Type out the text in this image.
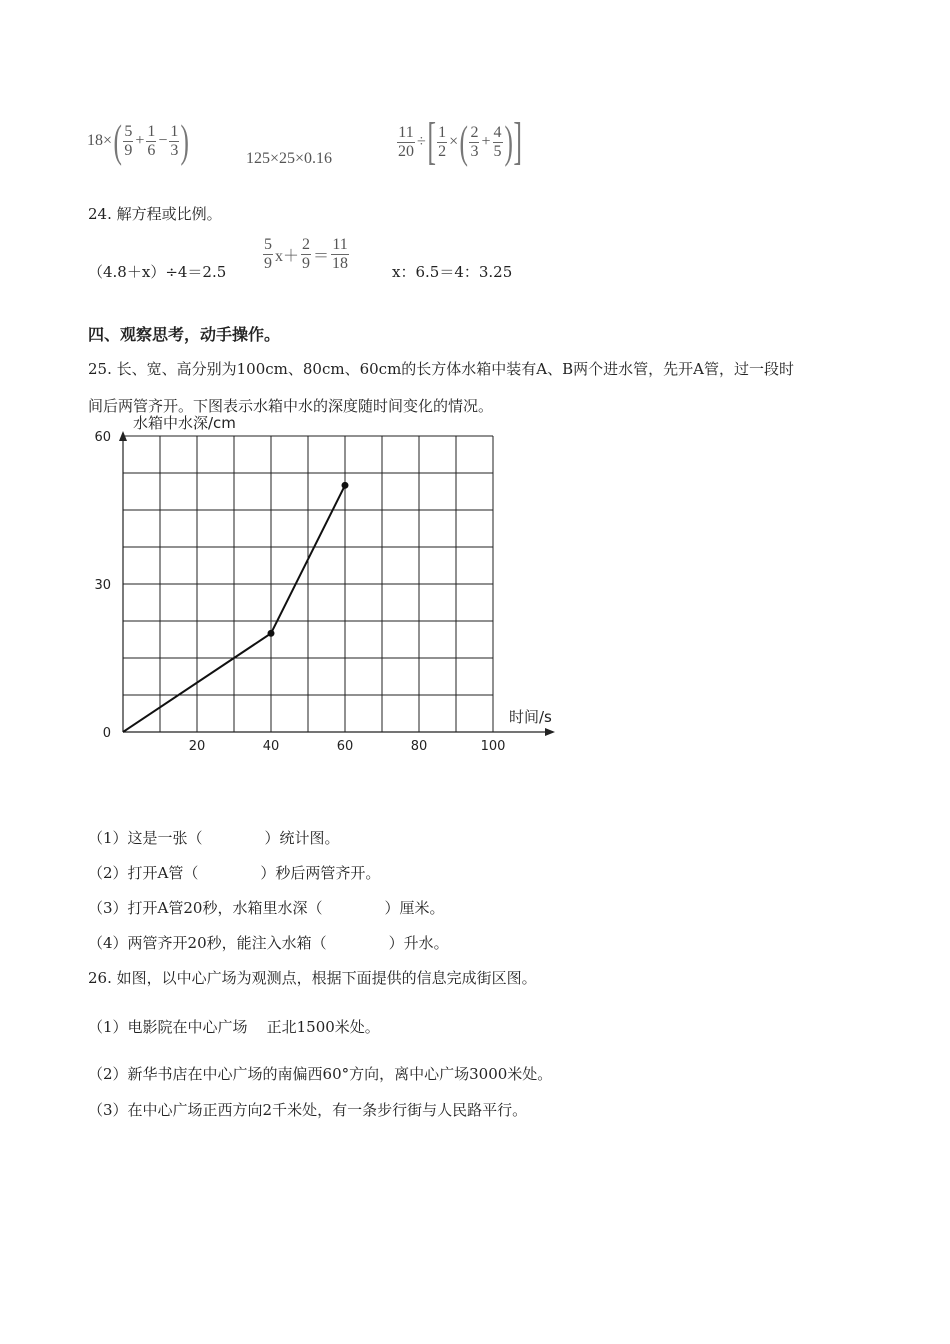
$18\times( \frac{5}{9} + \frac{1}{6} - \frac{1}{3}$ )	125×25×0.16	$\frac{11}{20}$ ÷[ $\frac{1}{2}$ ×( $\frac{2}{3} + \frac{4}{5}$ )]
24. 解方程或比例。
$(4.8+x)\div 4=2.5 \frac{5}{9} x+ \frac{2}{9} = \frac{11}{18}$	x：6.5＝4：3.25
四、观察思考，动手操作。
25. 长、宽、高分别为100cm、80cm、60cm的长方体水箱中装有A、B两个进水管，先开A管，过一段时
间后两管齐开。下图表示水箱中水的深度随时间变化的情况。
水箱中水深/cm
时间/s
20	40	60	80	100
0
30
60
（1）这是一张（	）统计图。
（2）打开A管（	）秒后两管齐开。
（3）打开A管20秒，水箱里水深（	）厘米。
（4）两管齐开20秒，能注入水箱（	）升水。
26. 如图，以中心广场为观测点，根据下面提供的信息完成街区图。
（1）电影院在中心广场    正北1500米处。
（2）新华书店在中心广场的南偏西60°方向，离中心广场3000米处。
（3）在中心广场正西方向2千米处，有一条步行街与人民路平行。
